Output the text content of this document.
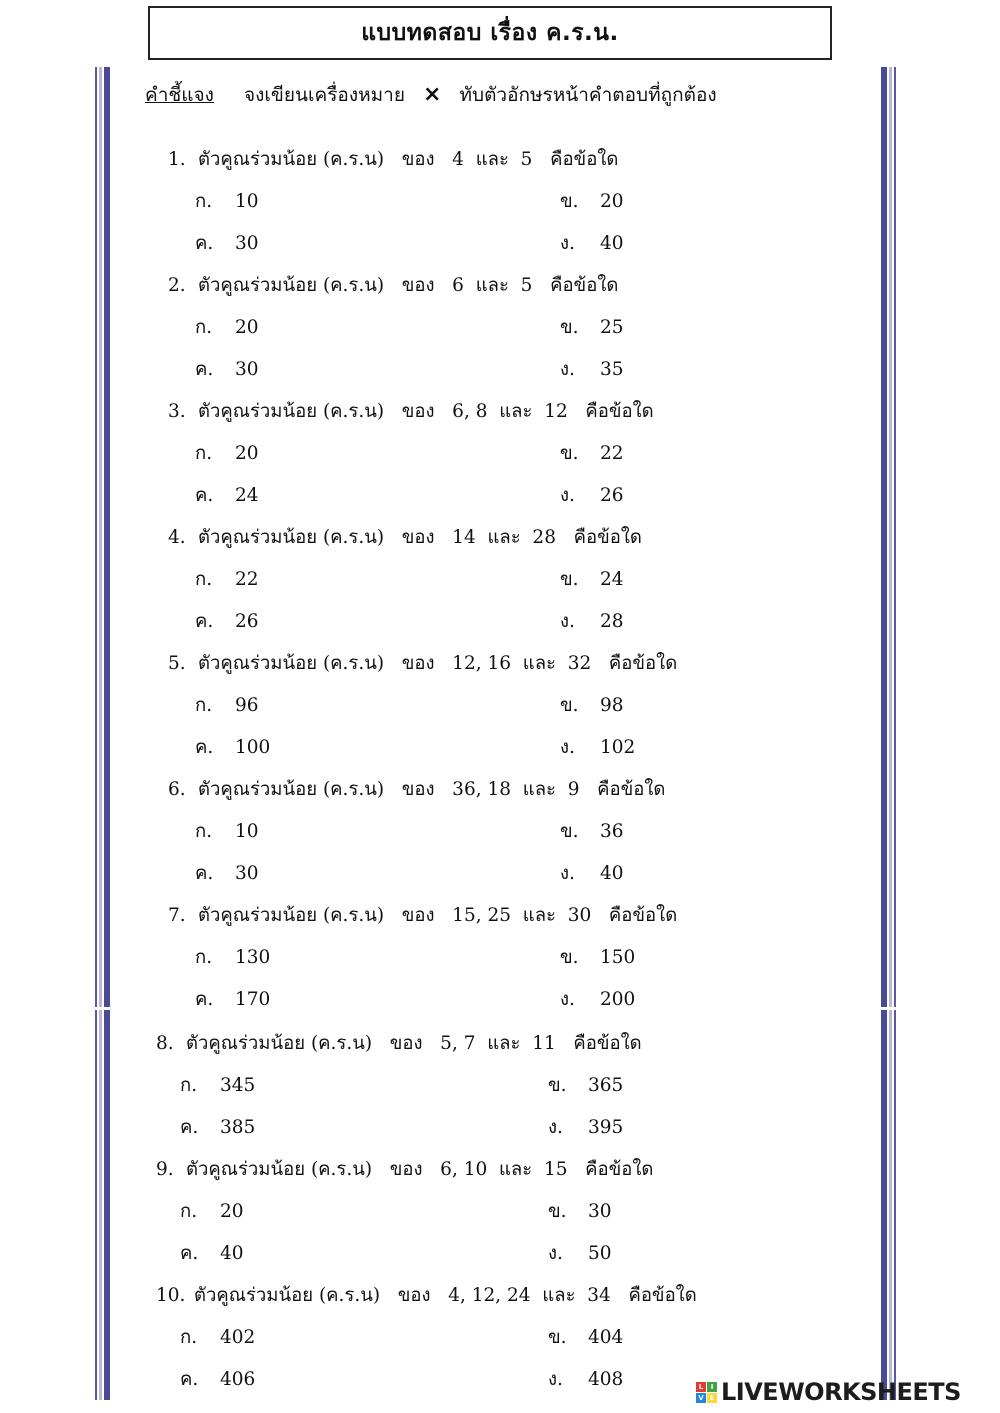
แบบทดสอบ เรื่อง ค.ร.น.
คำชี้แจง จงเขียนเครื่องหมาย × ทับตัวอักษรหน้าคำตอบที่ถูกต้อง
1. ตัวคูณร่วมน้อย (ค.ร.น)   ของ   4  และ  5   คือข้อใด
ก. 10	ข. 20
ค. 30	ง. 40
2. ตัวคูณร่วมน้อย (ค.ร.น)   ของ   6  และ  5   คือข้อใด
ก. 20	ข. 25
ค. 30	ง. 35
3. ตัวคูณร่วมน้อย (ค.ร.น)   ของ   6, 8  และ  12   คือข้อใด
ก. 20	ข. 22
ค. 24	ง. 26
4. ตัวคูณร่วมน้อย (ค.ร.น)   ของ   14  และ  28   คือข้อใด
ก. 22	ข. 24
ค. 26	ง. 28
5. ตัวคูณร่วมน้อย (ค.ร.น)   ของ   12, 16  และ  32   คือข้อใด
ก. 96	ข. 98
ค. 100	ง. 102
6. ตัวคูณร่วมน้อย (ค.ร.น)   ของ   36, 18  และ  9   คือข้อใด
ก. 10	ข. 36
ค. 30	ง. 40
7. ตัวคูณร่วมน้อย (ค.ร.น)   ของ   15, 25  และ  30   คือข้อใด
ก. 130	ข. 150
ค. 170	ง. 200
8. ตัวคูณร่วมน้อย (ค.ร.น)   ของ   5, 7  และ  11   คือข้อใด
ก. 345	ข. 365
ค. 385	ง. 395
9. ตัวคูณร่วมน้อย (ค.ร.น)   ของ   6, 10  และ  15   คือข้อใด
ก. 20	ข. 30
ค. 40	ง. 50
10. ตัวคูณร่วมน้อย (ค.ร.น)   ของ   4, 12, 24  และ  34   คือข้อใด
ก. 402	ข. 404
ค. 406	ง. 408	L	I
V E LIVEWORKSHEETS
